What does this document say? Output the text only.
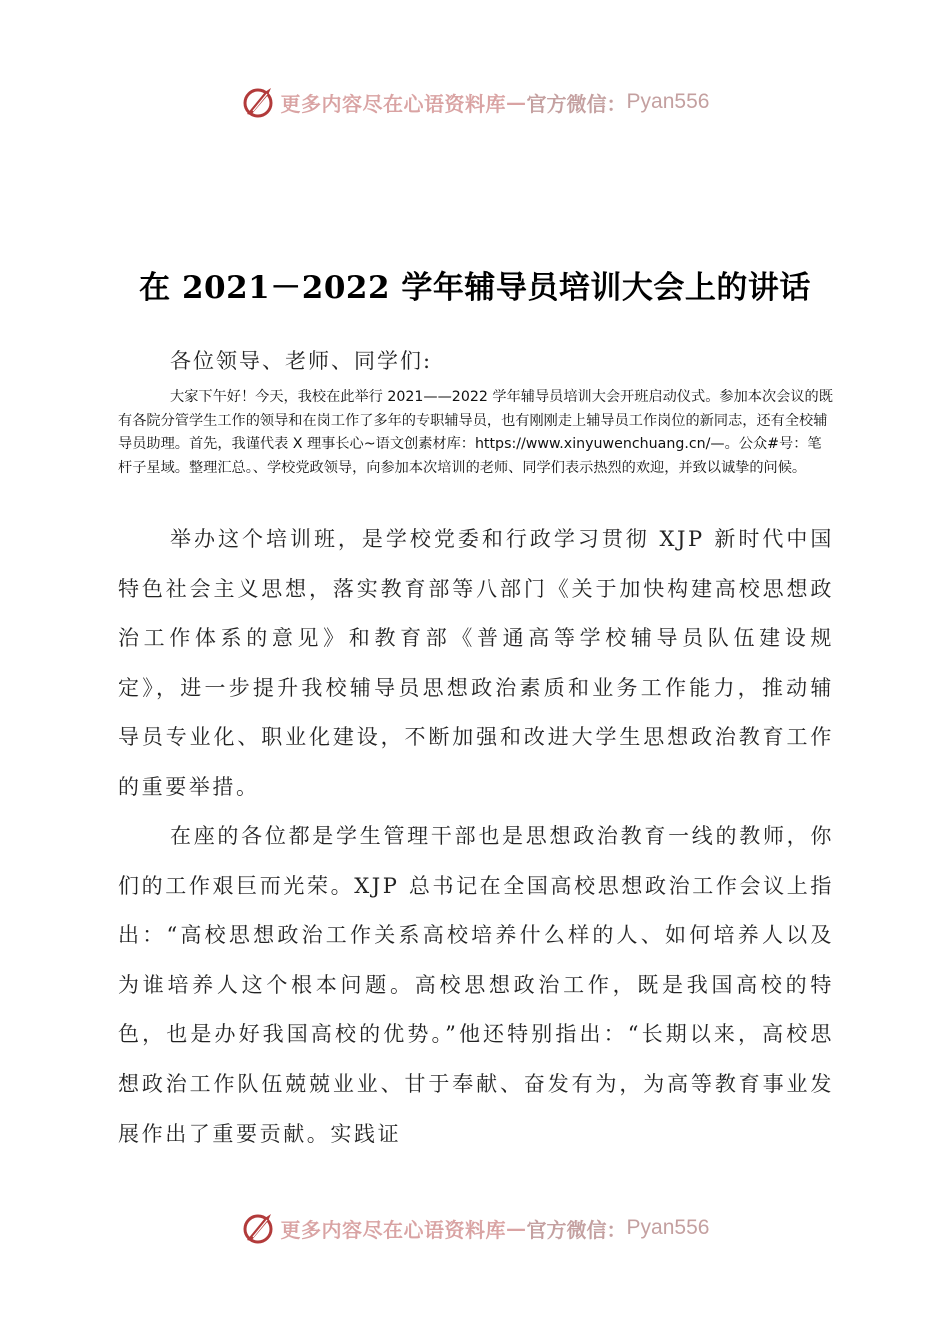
更多内容尽在心语资料库 — 官方微信： Pyan556
在 2021－2022 学年辅导员培训大会上的讲话
各位领导、老师、同学们:

大家下午好！今天，我校在此举行 2021——2022 学年辅导员培训大会开班启动仪式。参加本次会议的既有各院分管学生工作的领导和在岗工作了多年的专职辅导员，也有刚刚走上辅导员工作岗位的新同志，还有全校辅导员助理。首先，我谨代表 X 理事长心~语文创素材库：https://www.xinyuwenchuang.cn/—。公众#号：笔杆子星域。整理汇总。、学校党政领导，向参加本次培训的老师、同学们表示热烈的欢迎，并致以诚挚的问候。

举办这个培训班，是学校党委和行政学习贯彻 XJP 新时代中国特色社会主义思想，落实教育部等八部门《关于加快构建高校思想政治工作体系的意见》和教育部《普通高等学校辅导员队伍建设规定》，进一步提升我校辅导员思想政治素质和业务工作能力，推动辅导员专业化、职业化建设，不断加强和改进大学生思想政治教育工作的重要举措。

在座的各位都是学生管理干部也是思想政治教育一线的教师，你们的工作艰巨而光荣。XJP 总书记在全国高校思想政治工作会议上指出：“高校思想政治工作关系高校培养什么样的人、如何培养人以及为谁培养人这个根本问题。高校思想政治工作，既是我国高校的特色，也是办好我国高校的优势。”他还特别指出：“长期以来，高校思想政治工作队伍兢兢业业、甘于奉献、奋发有为，为高等教育事业发展作出了重要贡献。实践证

更多内容尽在心语资料库 — 官方微信： Pyan556
